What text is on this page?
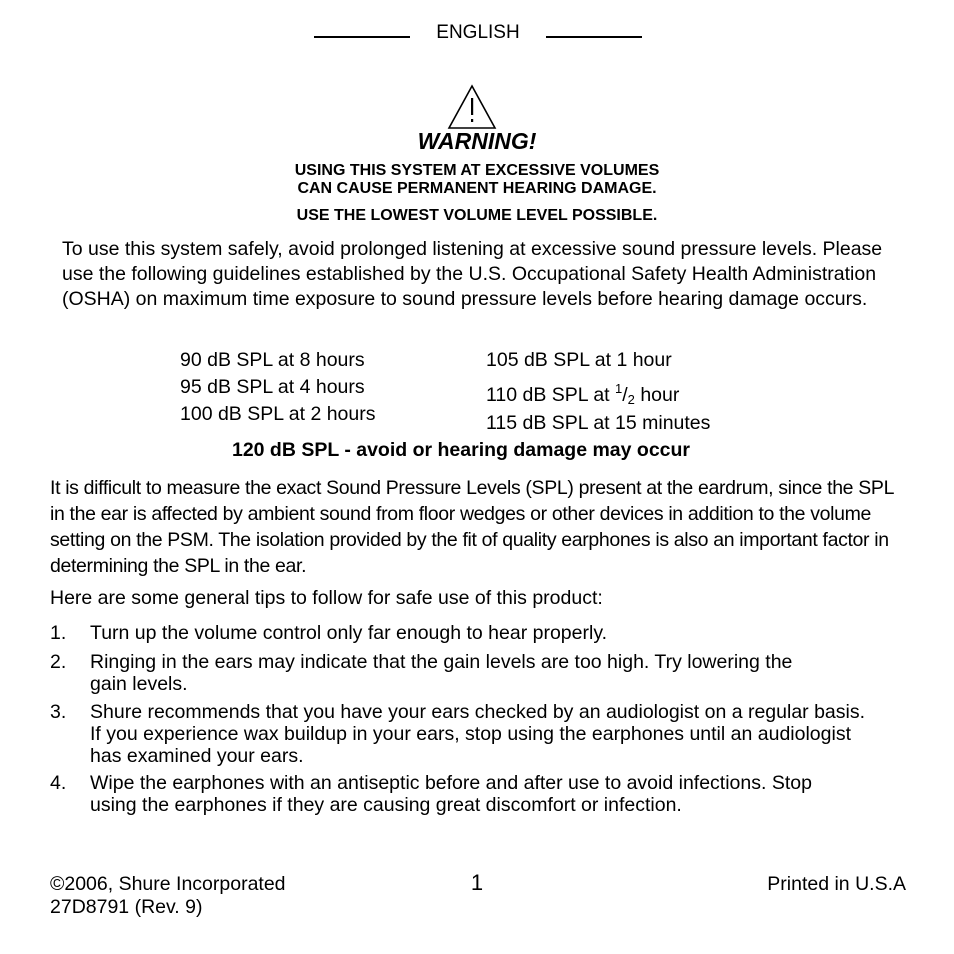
ENGLISH
WARNING!
USING THIS SYSTEM AT EXCESSIVE VOLUMES
CAN CAUSE PERMANENT HEARING DAMAGE.
USE THE LOWEST VOLUME LEVEL POSSIBLE.
To use this system safely, avoid prolonged listening at excessive sound pressure levels. Please use the following guidelines established by the U.S. Occupational Safety Health Administration (OSHA) on maximum time exposure to sound pressure levels before hearing damage occurs.
90 dB SPL at 8 hours
95 dB SPL at 4 hours
100 dB SPL at 2 hours
105 dB SPL at 1 hour
110 dB SPL at $^1/_2$ hour
115 dB SPL at 15 minutes
120 dB SPL - avoid or hearing damage may occur
It is difficult to measure the exact Sound Pressure Levels (SPL) present at the eardrum, since the SPL in the ear is affected by ambient sound from floor wedges or other devices in addition to the volume setting on the PSM. The isolation provided by the fit of quality earphones is also an important factor in determining the SPL in the ear.
Here are some general tips to follow for safe use of this product:
1. Turn up the volume control only far enough to hear properly.
2. Ringing in the ears may indicate that the gain levels are too high. Try lowering the gain levels.
3. Shure recommends that you have your ears checked by an audiologist on a regular basis. If you experience wax buildup in your ears, stop using the earphones until an audiologist has examined your ears.
4. Wipe the earphones with an antiseptic before and after use to avoid infections. Stop using the earphones if they are causing great discomfort or infection.
©2006, Shure Incorporated
27D8791 (Rev. 9)
1	Printed in U.S.A
